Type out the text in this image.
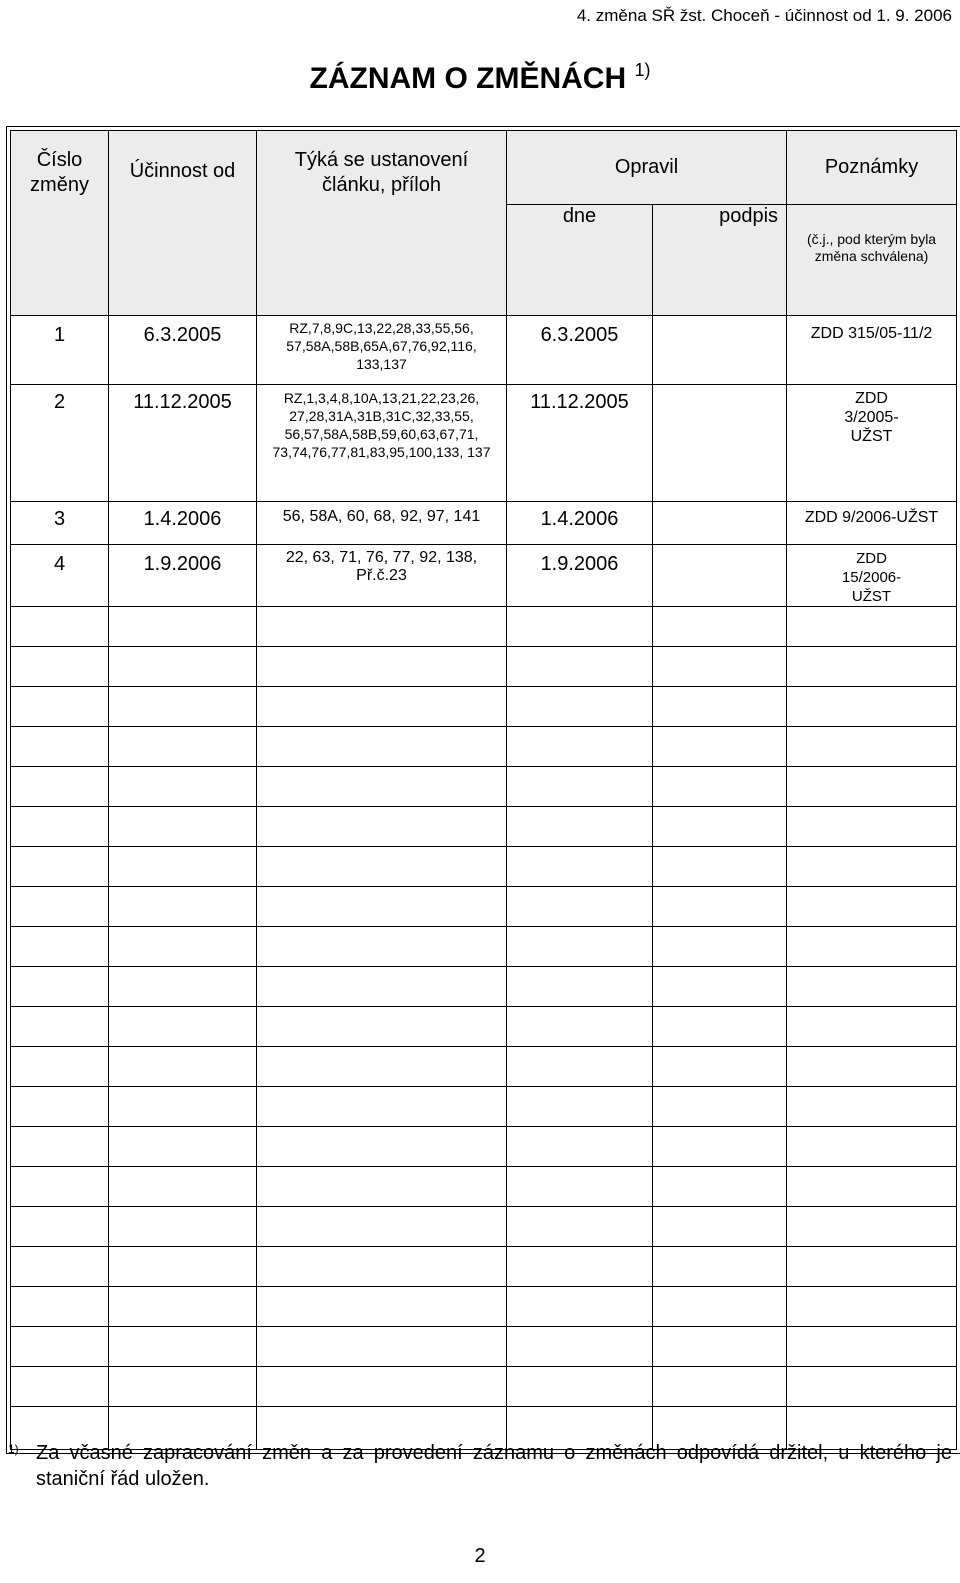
4. změna SŘ žst. Choceň - účinnost od 1. 9. 2006
ZÁZNAM O ZMĚNÁCH $^{1)}$
Číslo změny	Účinnost od	Týká se ustanovení článku, příloh	Opravil		Poznámky
			dne	podpis	(č.j., pod kterým byla změna schválena)
1	6.3.2005	RZ,7,8,9C,13,22,28,33,55,56, 57,58A,58B,65A,67,76,92,116, 133,137	6.3.2005		ZDD 315/05-11/2
2	11.12.2005	RZ,1,3,4,8,10A,13,21,22,23,26, 27,28,31A,31B,31C,32,33,55, 56,57,58A,58B,59,60,63,67,71, 73,74,76,77,81,83,95,100,133, 137	11.12.2005		ZDD 3/2005-UŽST
3	1.4.2006	56, 58A, 60, 68, 92, 97, 141	1.4.2006		ZDD 9/2006-UŽST
4	1.9.2006	22, 63, 71, 76, 77, 92, 138, Př.č.23	1.9.2006		ZDD 15/2006-UŽST

1) Za včasné zapracování změn a za provedení záznamu o změnách odpovídá držitel, u kterého je staniční řád uložen.
2
